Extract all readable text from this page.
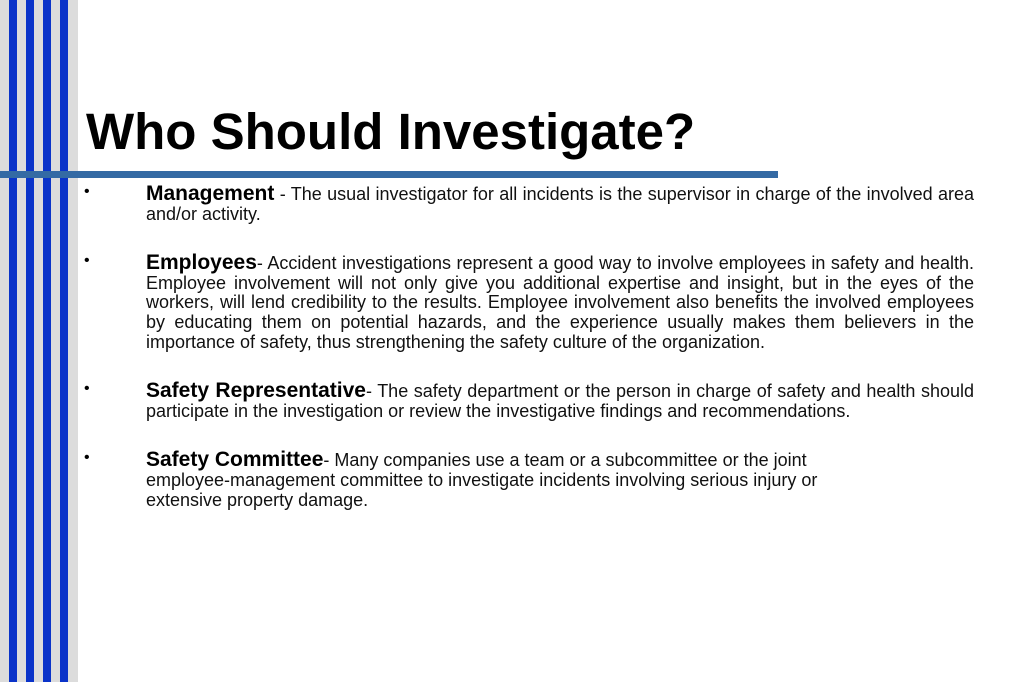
Who Should Investigate?
•	Management - The usual investigator for all incidents is the supervisor in charge of the involved area and/or activity.
•	Employees- Accident investigations represent a good way to involve employees in safety and health. Employee involvement will not only give you additional expertise and insight, but in the eyes of the workers, will lend credibility to the results. Employee involvement also benefits the involved employees by educating them on potential hazards, and the experience usually makes them believers in the importance of safety, thus strengthening the safety culture of the organization.
•	Safety Representative- The safety department or the person in charge of safety and health should participate in the investigation or review the investigative findings and recommendations.
•	Safety Committee- Many companies use a team or a subcommittee or the joint employee-management committee to investigate incidents involving serious injury or extensive property damage.
